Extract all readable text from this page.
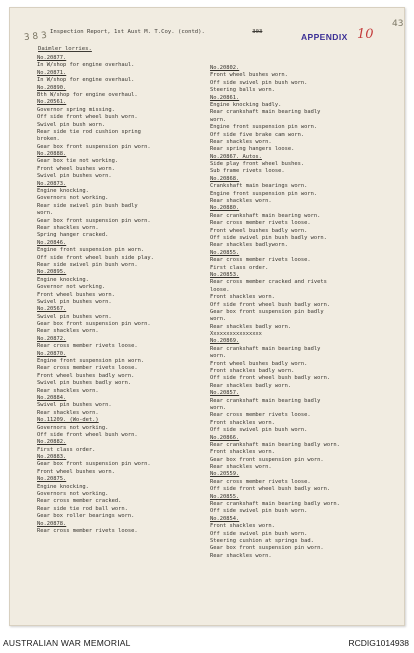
3 8 3
43
APPENDIX 10
Inspection Report, 1st Aust M. T.Coy. (contd).	303
Daimler lorries.
No.20877.
In W/shop for engine overhaul.
No.20871.
In W/shop for engine overhaul.
No.20890.
Bth W/shop for engine overhaul.
No.20561.
Governor spring missing.
Off side front wheel bush worn.
Swivel pin bush worn.
Rear side tie rod cushion spring
broken.
Gear box front suspension pin worn.
No.20888.
Gear box tie not working.
Front wheel bushes worn.
Swivel pin bushes worn.
No.20873.
Engine knocking.
Governors not working.
Rear side swivel pin bush badly
worn.
Gear box front suspension pin worn.
Rear shackles worn.
Spring hanger cracked.
No.20846.
Engine front suspension pin worn.
Off side front wheel bush side play.
Rear side swivel pin bush worn.
No.20895.
Engine knocking.
Governor not working.
Front wheel bushes worn.
Swivel pin bushes worn.
No.20567.
Swivel pin bushes worn.
Gear box front suspension pin worn.
Rear shackles worn.
No.20872.
Rear cross member rivets loose.
No.20870.
Engine front suspension pin worn.
Rear cross member rivets loose.
Front wheel bushes badly worn.
Swivel pin bushes badly worn.
Rear shackles worn.
No.20884.
Swivel pin bushes worn.
Rear shackles worn.
No.11209. (Wo-det.)
Governors not working.
Off side front wheel bush worn.
No.20882.
First class order.
No.20883.
Gear box front suspension pin worn.
Front wheel bushes worn.
No.20875.
Engine knocking.
Governors not working.
Rear cross member cracked.
Rear side tie rod ball worn.
Gear box roller bearings worn.
No.20878.
Rear cross member rivets loose.
No.20802.
Front wheel bushes worn.
Off side swivel pin bush worn.
Steering balls worn.
No.20861.
Engine knocking badly.
Rear crankshaft main bearing badly
worn.
Engine front suspension pin worn.
Off side five brake cam worn.
Rear shackles worn.
Rear spring hangers loose.
No.20867. Autos.
Side play front wheel bushes.
Sub frame rivets loose.
No.20868.
Crankshaft main bearings worn.
Engine front suspension pin worn.
Rear shackles worn.
No.20880.
Rear crankshaft main bearing worn.
Rear cross member rivets loose.
Front wheel bushes badly worn.
Off side swivel pin bush badly worn.
Rear shackles badlyworn.
No.20855.
Rear cross member rivets loose.
First class order.
No.20853.
Rear cross member cracked and rivets
loose.
Front shackles worn.
Off side front wheel bush badly worn.
Gear box front suspension pin badly
worn.
Rear shackles badly worn.
Xxxxxxxxxxxxxxxx
No.20869.
Rear crankshaft main bearing badly
worn.
Front wheel bushes badly worn.
Front shackles badly worn.
Off side front wheel bush badly worn.
Rear shackles badly worn.
No.20857.
Rear crankshaft main bearing badly
worn.
Rear cross member rivets loose.
Front shackles worn.
Off side swivel pin bush worn.
No.20866.
Rear crankshaft main bearing badly worn.
Front shackles worn.
Gear box front suspension pin worn.
Rear shackles worn.
No.20559.
Rear cross member rivets loose.
Off side front wheel bush badly worn.
No.20855.
Rear crankshaft main bearing badly worn.
Off side swivel pin bush worn.
No.20854.
Front shackles worn.
Off side swivel pin bush worn.
Steering cushion at springs bad.
Gear box front suspension pin worn.
Rear shackles worn.
AUSTRALIAN WAR MEMORIAL	RCDIG1014938
